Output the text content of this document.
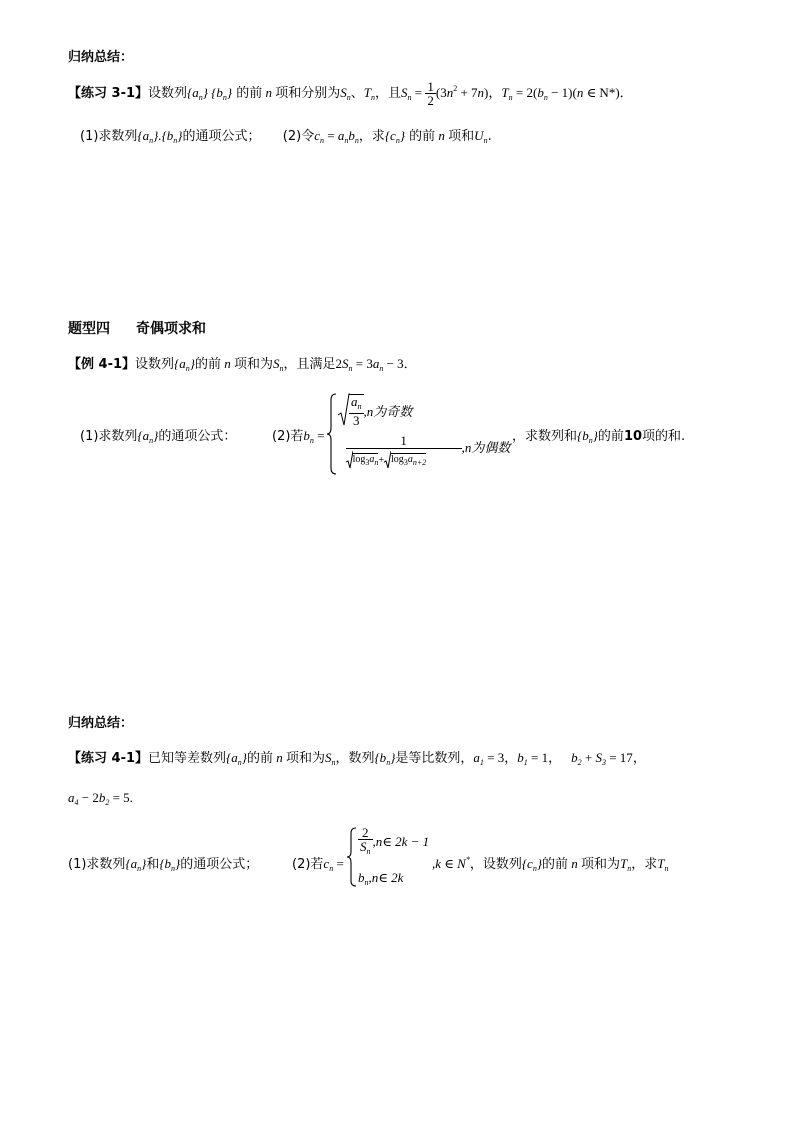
归纳总结：
【练习 3-1】设数列$\{a_n\}$ $\{b_n\}$ 的前 n 项和分别为$S_n$、$T_n$，且$S_n = \frac{1}{2} (3n^2 + 7n)$，$T_n = 2(b_n - 1)(n$ ∈ N*)．
(1)求数列$\{a_n\}.\{b_n\}$的通项公式； (2)令$c_n = a_nb_n$，求$\{c_n\}$ 的前 n 项和$U_n$.
题型四 奇偶项求和
【例 4-1】设数列$\{a_n\}$的前 n 项和为$S_n$，且满足$2S_n = 3a_n - 3$．
(1)求数列$\{a_n\}$的通项公式：	(2)若$b_n$ =
$\frac{a_n}{3} ,n$为奇数
1
$\log_3a_n + \log_3a_{n+2}$
,n为偶数
，求数列和$\{b_n\}$的前10项的和.
归纳总结：
【练习 4-1】已知等差数列$\{a_n\}$的前 n 项和为$S_n$，数列$\{b_n\}$是等比数列，$a_1 = 3$，$b_1 = 1$， $b_2 + S_3 = 17$，
$a_4 - 2b_2 = 5$.
(1)求数列$\{a_n\}$和$\{b_n\}$的通项公式；	(2)若$c_n$ =
$\frac{2}{S_n}$ ,n∈ 2k − 1
$b_n,n\in$ 2k
,k ∈ N*，设数列$\{c_n\}$的前 n 项和为$T_n$，求$T_n$
